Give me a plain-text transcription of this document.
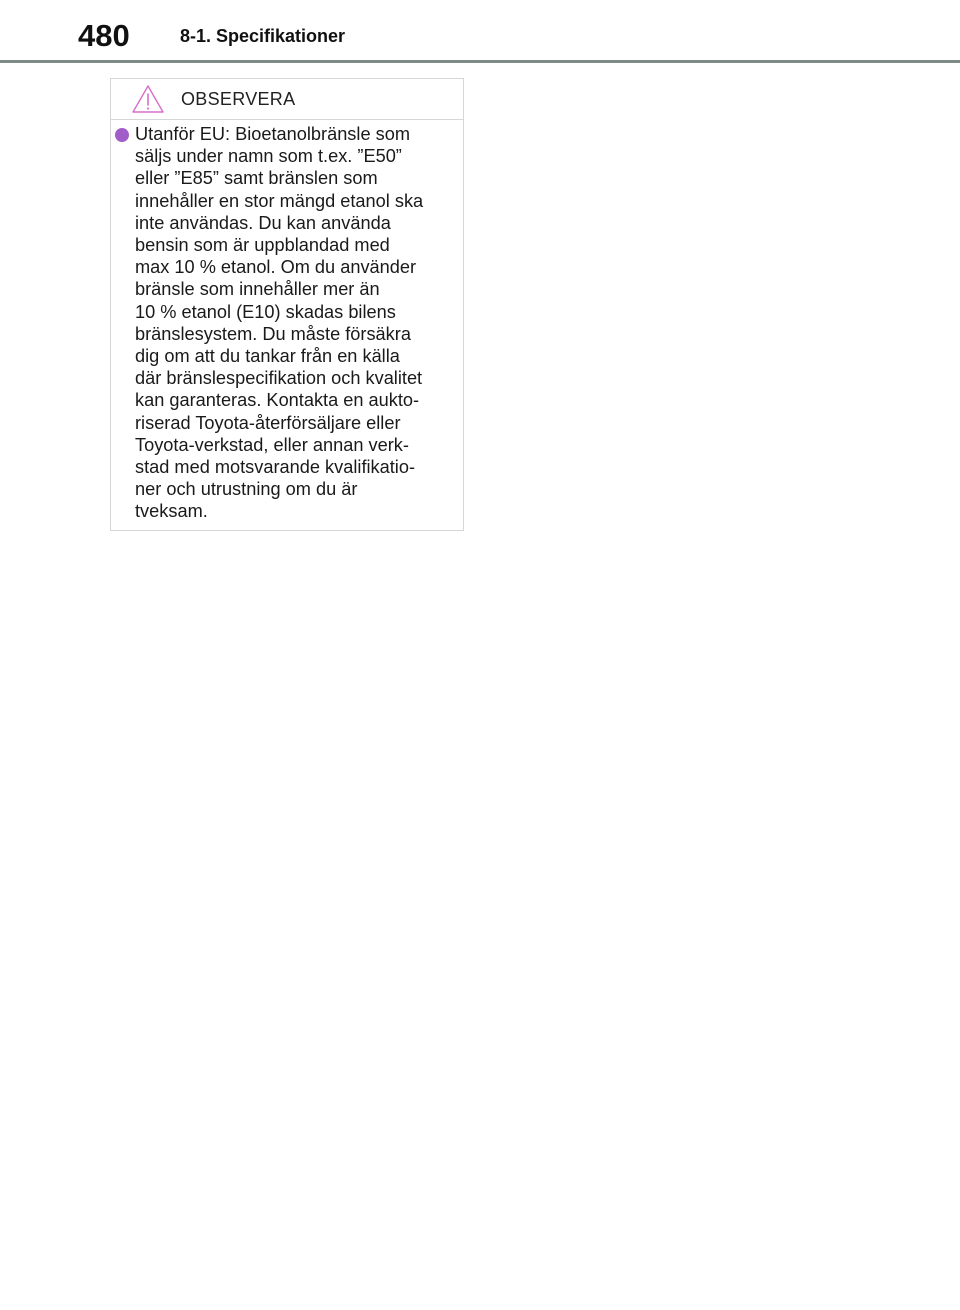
480	8-1. Specifikationer
OBSERVERA
Utanför EU: Bioetanolbränsle som
säljs under namn som t.ex. ”E50”
eller ”E85” samt bränslen som
innehåller en stor mängd etanol ska
inte användas. Du kan använda
bensin som är uppblandad med
max 10 % etanol. Om du använder
bränsle som innehåller mer än
10 % etanol (E10) skadas bilens
bränslesystem. Du måste försäkra
dig om att du tankar från en källa
där bränslespecifikation och kvalitet
kan garanteras. Kontakta en aukto-
riserad Toyota-återförsäljare eller
Toyota-verkstad, eller annan verk-
stad med motsvarande kvalifikatio-
ner och utrustning om du är
tveksam.
